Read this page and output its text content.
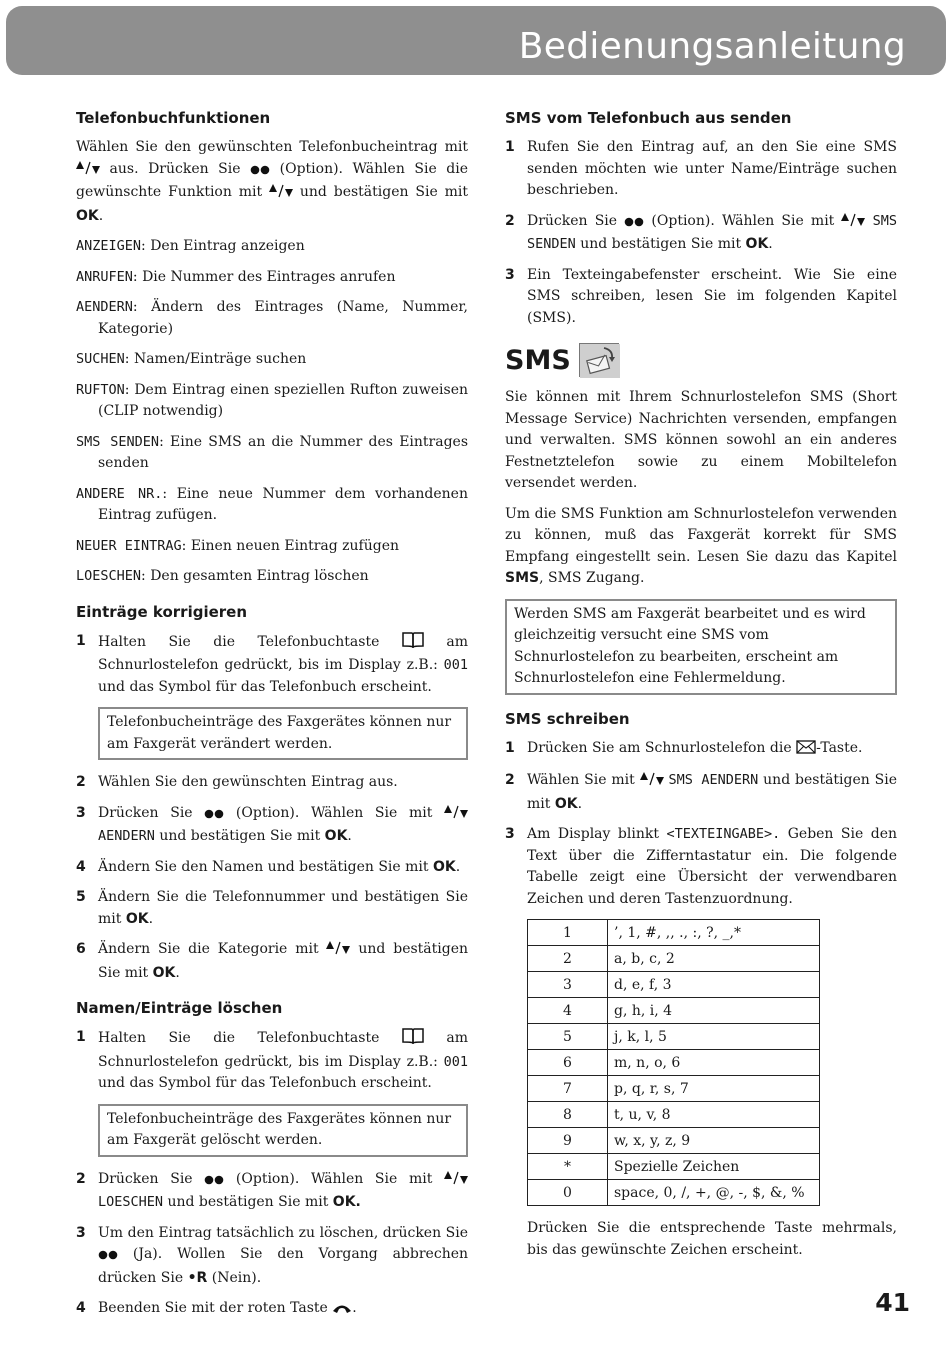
Bedienungsanleitung
Telefonbuchfunktionen

Wählen Sie den gewünschten Telefonbucheintrag mit  aus. Drücken Sie	(Option). Wählen Sie die gewünschte Funktion mit	und bestätigen Sie mit OK.

ANZEIGEN: Den Eintrag anzeigen

ANRUFEN: Die Nummer des Eintrages anrufen

AENDERN: Ändern des Eintrages (Name, Nummer, Kategorie)

SUCHEN: Namen/Einträge suchen

RUFTON: Dem Eintrag einen speziellen Rufton zuweisen (CLIP notwendig)

SMS SENDEN: Eine SMS an die Nummer des Eintrages senden

ANDERE NR.: Eine neue Nummer dem vorhandenen Eintrag zufügen.

NEUER EINTRAG: Einen neuen Eintrag zufügen

LOESCHEN: Den gesamten Eintrag löschen

Einträge korrigieren
1 Halten Sie die Telefonbuchtaste	am Schnurlostelefon gedrückt, bis im Display z.B.: 001 und das Symbol für das Telefonbuch erscheint.
Telefonbucheinträge des Faxgerätes können nur am Faxgerät verändert werden.
2 Wählen Sie den gewünschten Eintrag aus.
3 Drücken Sie	(Option). Wählen Sie mit  AENDERN und bestätigen Sie mit OK.
4 Ändern Sie den Namen und bestätigen Sie mit OK.
5 Ändern Sie die Telefonnummer und bestätigen Sie mit OK.
6 Ändern Sie die Kategorie mit	und bestätigen Sie mit OK.
Namen/Einträge löschen
1 Halten Sie die Telefonbuchtaste	am Schnurlostelefon gedrückt, bis im Display z.B.: 001 und das Symbol für das Telefonbuch erscheint.
Telefonbucheinträge des Faxgerätes können nur am Faxgerät gelöscht werden.
2 Drücken Sie	(Option). Wählen Sie mit  LOESCHEN und bestätigen Sie mit OK.
3 Um den Eintrag tatsächlich zu löschen, drücken Sie  (Ja). Wollen Sie den Vorgang abbrechen drücken Sie •R (Nein).
4 Beenden Sie mit der roten Taste .
SMS vom Telefonbuch aus senden
1 Rufen Sie den Eintrag auf, an den Sie eine SMS senden möchten wie unter Name/Einträge suchen beschrieben.
2 Drücken Sie (Option). Wählen Sie mit	SMS SENDEN und bestätigen Sie mit OK.
3 Ein Texteingabefenster erscheint. Wie Sie eine SMS schreiben, lesen Sie im folgenden Kapitel (SMS).
SMS

Sie können mit Ihrem Schnurlostelefon SMS (Short Message Service) Nachrichten versenden, empfangen und verwalten. SMS können sowohl an ein anderes Festnetztelefon sowie zu einem Mobiltelefon versendet werden.

Um die SMS Funktion am Schnurlostelefon verwenden zu können, muß das Faxgerät korrekt für SMS Empfang eingestellt sein. Lesen Sie dazu das Kapitel SMS, SMS Zugang.

Werden SMS am Faxgerät bearbeitet und es wird gleichzeitig versucht eine SMS vom Schnurlostelefon zu bearbeiten, erscheint am Schnurlostelefon eine Fehlermeldung.
SMS schreiben
1 Drücken Sie am Schnurlostelefon die -Taste.
2 Wählen Sie mit SMS AENDERN und bestätigen Sie mit OK.
3 Am Display blinkt <TEXTEINGABE>. Geben Sie den Text über die Zifferntastatur ein. Die folgende Tabelle zeigt eine Übersicht der verwendbaren Zeichen und deren Tastenzuordnung.
1	’, 1, #, ,, ., :, ?, _,*
2	a, b, c, 2
3	d, e, f, 3
4	g, h, i, 4
5	j, k, l, 5
6	m, n, o, 6
7	p, q, r, s, 7
8	t, u, v, 8
9	w, x, y, z, 9
*	Spezielle Zeichen
0	space, 0, /, +, @, -, $, &, %

Drücken Sie die entsprechende Taste mehrmals, bis das gewünschte Zeichen erscheint.

41
